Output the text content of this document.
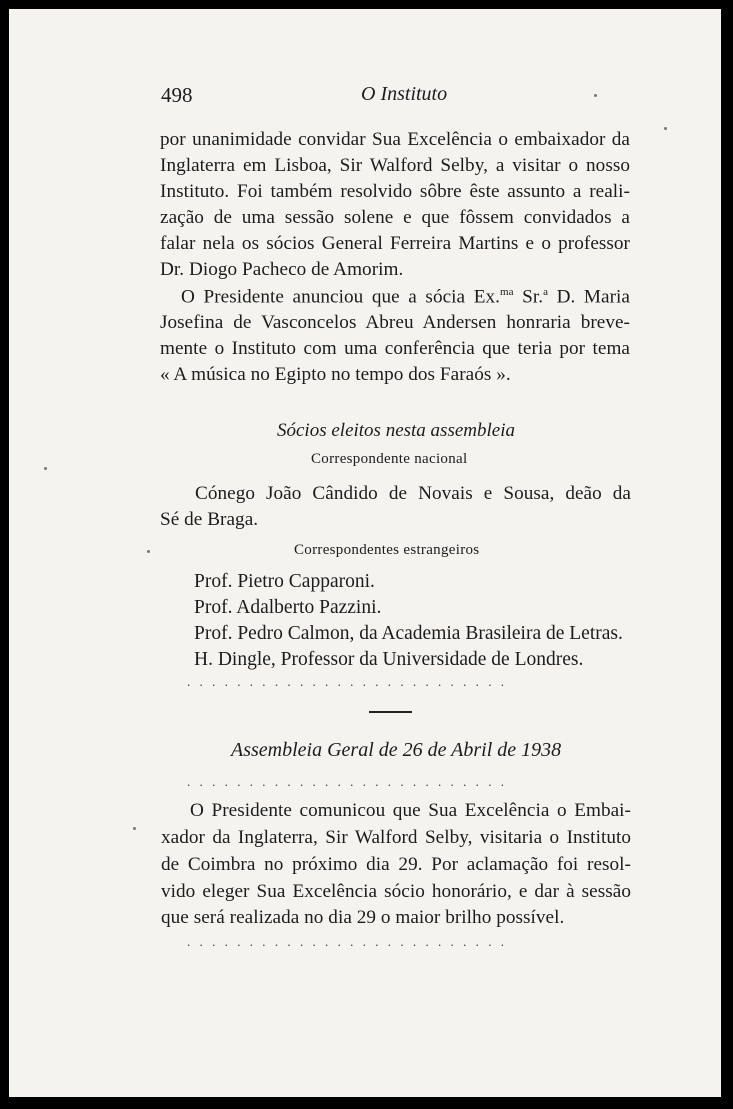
498	O Instituto
por unanimidade convidar Sua Excelência o embaixador da
Inglaterra em Lisboa, Sir Walford Selby, a visitar o nosso
Instituto. Foi também resolvido sôbre êste assunto a reali-
zação de uma sessão solene e que fôssem convidados a
falar nela os sócios General Ferreira Martins e o professor
Dr. Diogo Pacheco de Amorim.
O Presidente anunciou que a sócia Ex.$^{ma}$ Sr.$^a$ D. Maria
Josefina de Vasconcelos Abreu Andersen honraria breve-
mente o Instituto com uma conferência que teria por tema
« A música no Egipto no tempo dos Faraós ».
Sócios eleitos nesta assembleia
Correspondente nacional
Cónego João Cândido de Novais e Sousa, deão da
Sé de Braga.
Correspondentes estrangeiros
Prof. Pietro Capparoni.
Prof. Adalberto Pazzini.
Prof. Pedro Calmon, da Academia Brasileira de Letras.
H. Dingle, Professor da Universidade de Londres.
..........................
Assembleia Geral de 26 de Abril de 1938
..........................
O Presidente comunicou que Sua Excelência o Embai-
xador da Inglaterra, Sir Walford Selby, visitaria o Instituto
de Coimbra no próximo dia 29. Por aclamação foi resol-
vido eleger Sua Excelência sócio honorário, e dar à sessão
que será realizada no dia 29 o maior brilho possível.
..........................
